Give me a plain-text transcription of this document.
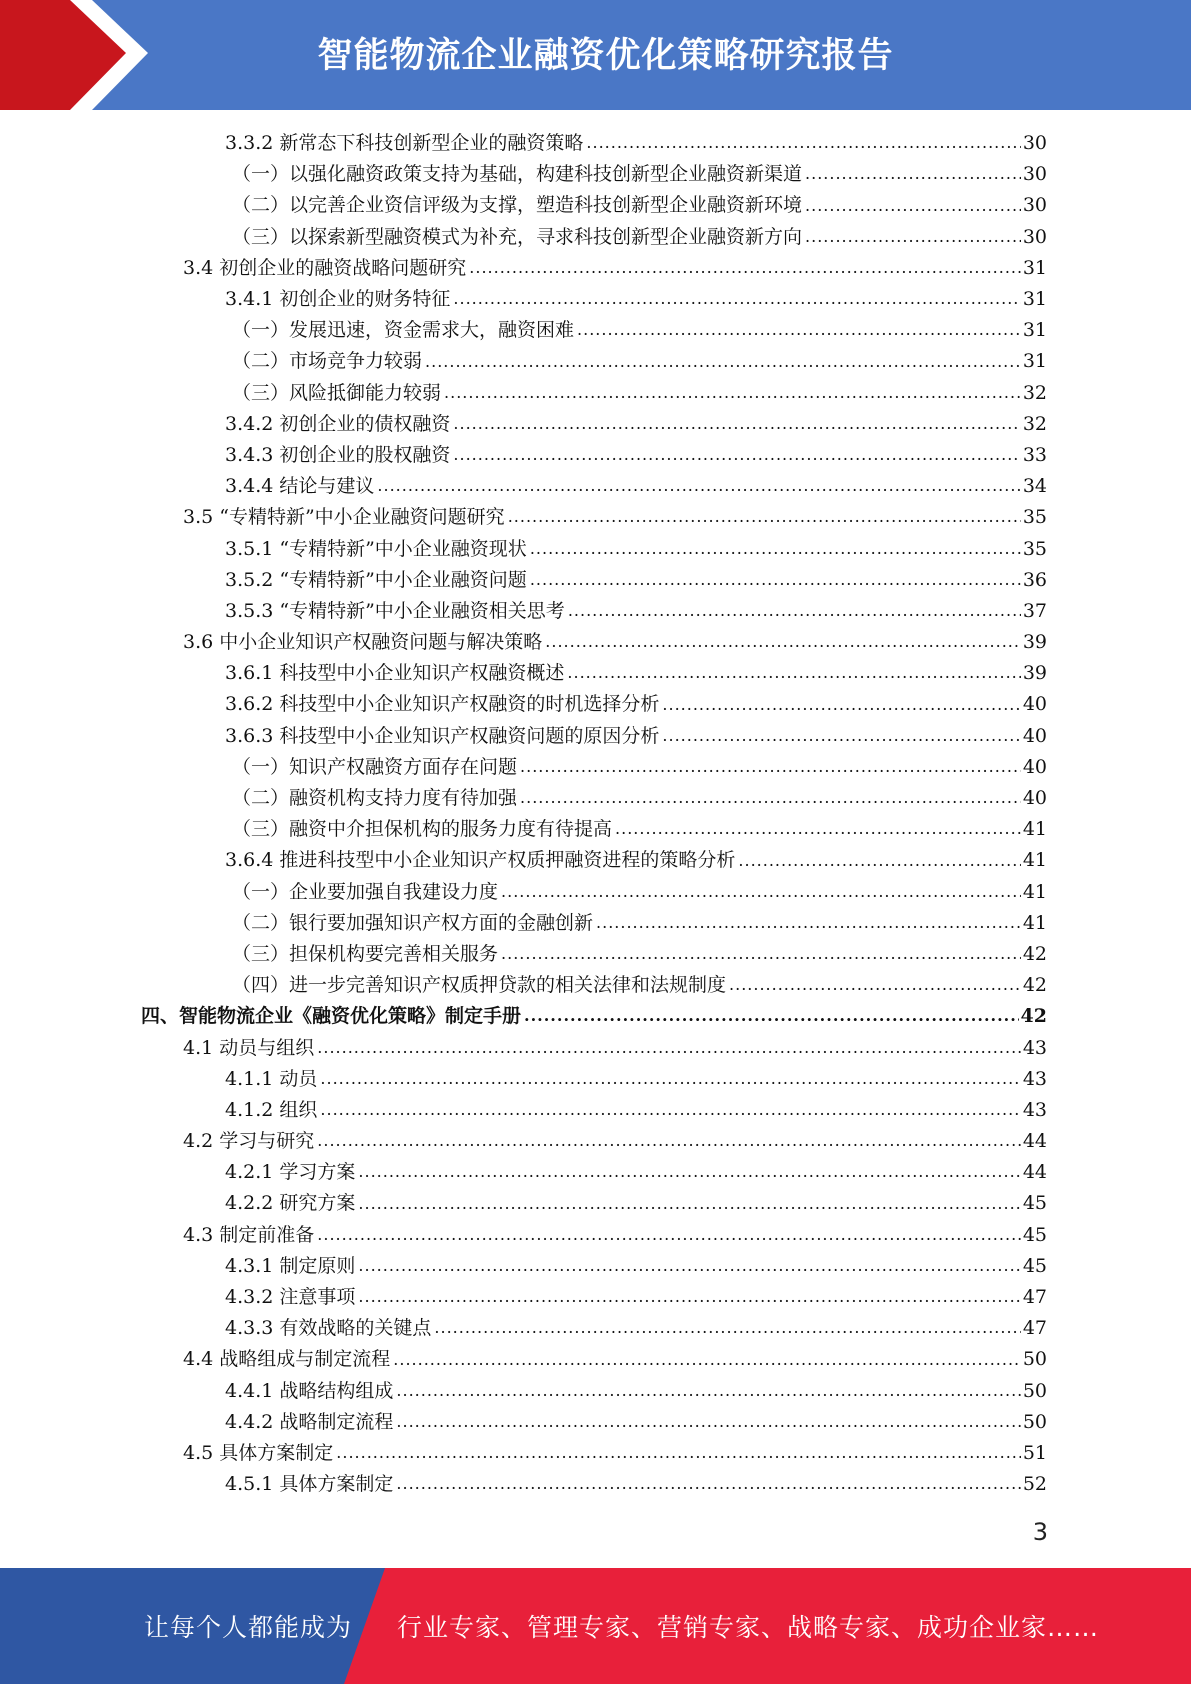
智能物流企业融资优化策略研究报告
3.3.2 新常态下科技创新型企业的融资策略 .....	30
（一）以强化融资政策支持为基础，构建科技创新型企业融资新渠道 .....	30
（二）以完善企业资信评级为支撑，塑造科技创新型企业融资新环境 .....	30
（三）以探索新型融资模式为补充，寻求科技创新型企业融资新方向 .....	30
3.4 初创企业的融资战略问题研究 .....	31
3.4.1 初创企业的财务特征 .....	31
（一）发展迅速，资金需求大，融资困难 .....	31
（二）市场竞争力较弱 .....	31
（三）风险抵御能力较弱 .....	32
3.4.2 初创企业的债权融资 .....	32
3.4.3 初创企业的股权融资 .....	33
3.4.4 结论与建议 .....	34
3.5 “专精特新”中小企业融资问题研究 .....	35
3.5.1 “专精特新”中小企业融资现状 .....	35
3.5.2 “专精特新”中小企业融资问题 .....	36
3.5.3 “专精特新”中小企业融资相关思考 .....	37
3.6 中小企业知识产权融资问题与解决策略 .....	39
3.6.1 科技型中小企业知识产权融资概述 .....	39
3.6.2 科技型中小企业知识产权融资的时机选择分析 .....	40
3.6.3 科技型中小企业知识产权融资问题的原因分析 .....	40
（一）知识产权融资方面存在问题 .....	40
（二）融资机构支持力度有待加强 .....	40
（三）融资中介担保机构的服务力度有待提高 .....	41
3.6.4 推进科技型中小企业知识产权质押融资进程的策略分析 .....	41
（一）企业要加强自我建设力度 .....	41
（二）银行要加强知识产权方面的金融创新 .....	41
（三）担保机构要完善相关服务 .....	42
（四）进一步完善知识产权质押贷款的相关法律和法规制度 .....	42
四、智能物流企业《融资优化策略》制定手册 .....	42
4.1 动员与组织 .....	43
4.1.1 动员 .....	43
4.1.2 组织 .....	43
4.2 学习与研究 .....	44
4.2.1 学习方案 .....	44
4.2.2 研究方案 .....	45
4.3 制定前准备 .....	45
4.3.1 制定原则 .....	45
4.3.2 注意事项 .....	47
4.3.3 有效战略的关键点 .....	47
4.4 战略组成与制定流程 .....	50
4.4.1 战略结构组成 .....	50
4.4.2 战略制定流程 .....	50
4.5 具体方案制定 .....	51
4.5.1 具体方案制定 .....	52
3
让每个人都能成为 行业专家、管理专家、营销专家、战略专家、成功企业家……
